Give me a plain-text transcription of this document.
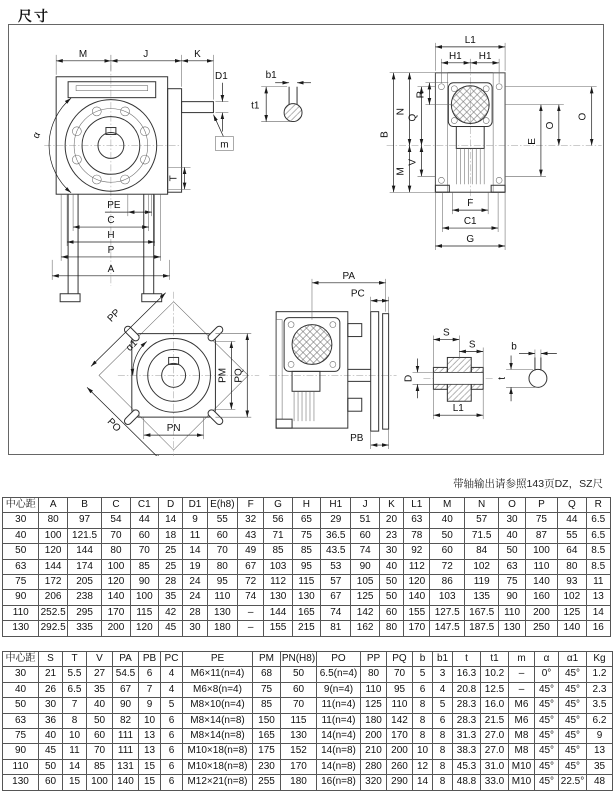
尺寸
M	J	K
D1
α
T
m
PE
C
H
P
A
b1
t1
L1
H1 H1
B
N
M
Q
V
R
E
O
O
F
C1
G
PP
α1
PO
PM PQ
PN
PA
PC
PB
S
S
D
L1
b
t
带轴输出请参照143页DZ，SZ尺
中心距	A	B	C	C1	D	D1	E(h8)	F	G	H	H1	J	K	L1	M	N	O	P	Q	R
30	80	97	54	44	14	9	55	32	56	65	29	51	20	63	40	57	30	75	44	6.5
40	100	121.5	70	60	18	11	60	43	71	75	36.5	60	23	78	50	71.5	40	87	55	6.5
50	120	144	80	70	25	14	70	49	85	85	43.5	74	30	92	60	84	50	100	64	8.5
63	144	174	100	85	25	19	80	67	103	95	53	90	40	112	72	102	63	110	80	8.5
75	172	205	120	90	28	24	95	72	112	115	57	105	50	120	86	119	75	140	93	11
90	206	238	140	100	35	24	110	74	130	130	67	125	50	140	103	135	90	160	102	13
110	252.5	295	170	115	42	28	130	–	144	165	74	142	60	155	127.5	167.5	110	200	125	14
130	292.5	335	200	120	45	30	180	–	155	215	81	162	80	170	147.5	187.5	130	250	140	16
中心距	S	T	V	PA	PB	PC	PE	PM	PN(H8)	PO	PP	PQ	b	b1	t	t1	m	α	α1	Kg
30	21	5.5	27	54.5	6	4	M6×11(n=4)	68	50	6.5(n=4)	80	70	5	3	16.3	10.2	–	0°	45°	1.2
40	26	6.5	35	67	7	4	M6×8(n=4)	75	60	9(n=4)	110	95	6	4	20.8	12.5	–	45°	45°	2.3
50	30	7	40	90	9	5	M8×10(n=4)	85	70	11(n=4)	125	110	8	5	28.3	16.0	M6	45°	45°	3.5
63	36	8	50	82	10	6	M8×14(n=8)	150	115	11(n=4)	180	142	8	6	28.3	21.5	M6	45°	45°	6.2
75	40	10	60	111	13	6	M8×14(n=8)	165	130	14(n=4)	200	170	8	8	31.3	27.0	M8	45°	45°	9
90	45	11	70	111	13	6	M10×18(n=8)	175	152	14(n=8)	210	200	10	8	38.3	27.0	M8	45°	45°	13
110	50	14	85	131	15	6	M10×18(n=8)	230	170	14(n=8)	280	260	12	8	45.3	31.0	M10	45°	45°	35
130	60	15	100	140	15	6	M12×21(n=8)	255	180	16(n=8)	320	290	14	8	48.8	33.0	M10	45°	22.5°	48
